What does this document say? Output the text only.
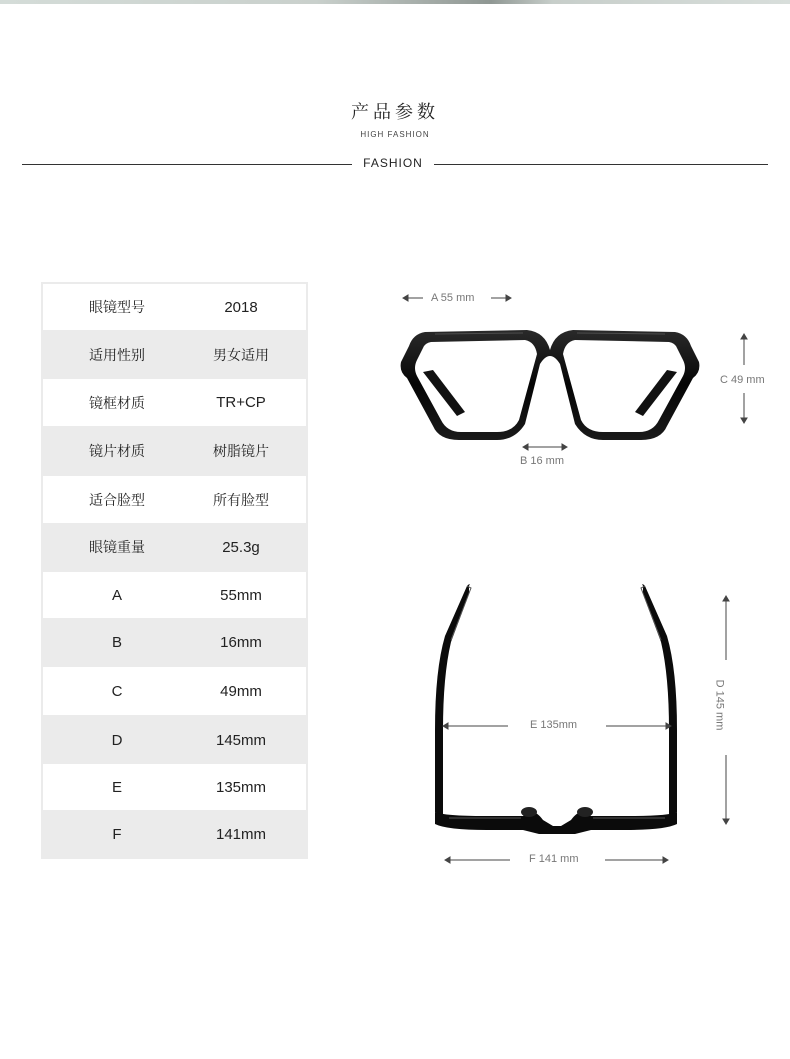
产品参数
HIGH FASHION
FASHION
眼镜型号	2018
适用性别	男女适用
镜框材质	TR+CP
镜片材质	树脂镜片
适合脸型	所有脸型
眼镜重量	25.3g
A	55mm
B	16mm
C	49mm
D	145mm
E	135mm
F	141mm
A 55 mm
B 16 mm
C 49 mm
E 135mm
F 141 mm
D 145 mm
